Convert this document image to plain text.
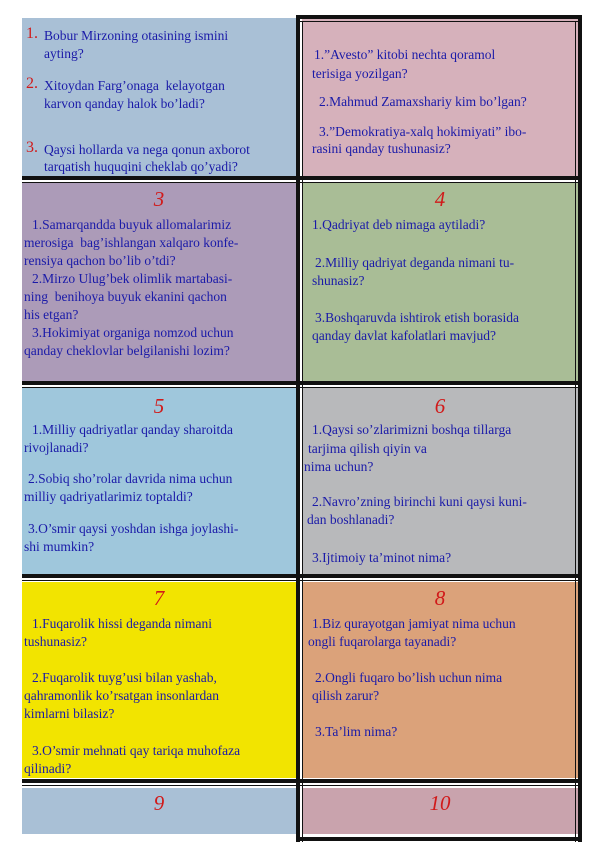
1. Bobur Mirzoning otasining ismini
ayting?
2. Xitoydan Farg’onaga  kelayotgan
karvon qanday halok bo’ladi?
3. Qaysi hollarda va nega qonun axborot
tarqatish huquqini cheklab qo’yadi?
1.”Avesto” kitobi nechta qoramol
terisiga yozilgan?
2.Mahmud Zamaxshariy kim bo’lgan?
3.”Demokratiya-xalq hokimiyati” ibo-
rasini qanday tushunasiz?
3
1.Samarqandda buyuk allomalarimiz
merosiga  bag’ishlangan xalqaro konfe-
rensiya qachon bo’lib o’tdi?
2.Mirzo Ulug’bek olimlik martabasi-
ning  benihoya buyuk ekanini qachon
his etgan?
3.Hokimiyat organiga nomzod uchun
qanday cheklovlar belgilanishi lozim?
4
1.Qadriyat deb nimaga aytiladi?
2.Milliy qadriyat deganda nimani tu-
shunasiz?
3.Boshqaruvda ishtirok etish borasida
qanday davlat kafolatlari mavjud?
5
1.Milliy qadriyatlar qanday sharoitda
rivojlanadi?
2.Sobiq sho’rolar davrida nima uchun
milliy qadriyatlarimiz toptaldi?
3.O’smir qaysi yoshdan ishga joylashi-
shi mumkin?
6
1.Qaysi so’zlarimizni boshqa tillarga
tarjima qilish qiyin va
nima uchun?
2.Navro’zning birinchi kuni qaysi kuni-
dan boshlanadi?
3.Ijtimoiy ta’minot nima?
7
1.Fuqarolik hissi deganda nimani
tushunasiz?
2.Fuqarolik tuyg’usi bilan yashab,
qahramonlik ko’rsatgan insonlardan
kimlarni bilasiz?
3.O’smir mehnati qay tariqa muhofaza
qilinadi?
8
1.Biz qurayotgan jamiyat nima uchun
ongli fuqarolarga tayanadi?
2.Ongli fuqaro bo’lish uchun nima
qilish zarur?
3.Ta’lim nima?
9	10
